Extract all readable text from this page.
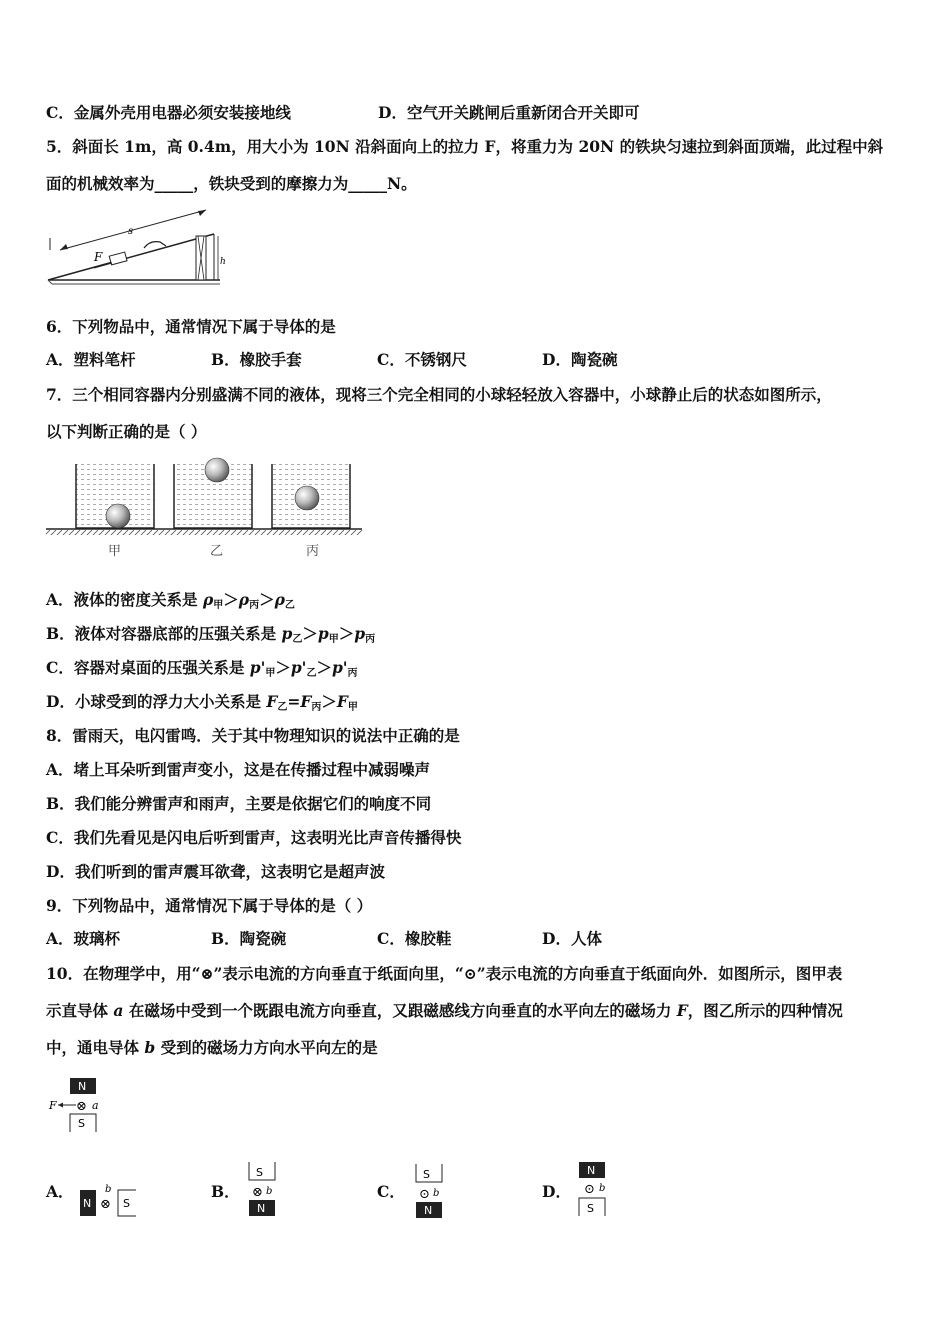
C．金属外壳用电器必须安装接地线	D．空气开关跳闸后重新闭合开关即可
5．斜面长 1m，高 0.4m，用大小为 10N 沿斜面向上的拉力 F，将重力为 20N 的铁块匀速拉到斜面顶端，此过程中斜
面的机械效率为_____，铁块受到的摩擦力为_____N。
s
F	h
6．下列物品中，通常情况下属于导体的是
A．塑料笔杆	B．橡胶手套	C．不锈钢尺	D．陶瓷碗
7．三个相同容器内分别盛满不同的液体，现将三个完全相同的小球轻轻放入容器中，小球静止后的状态如图所示，
以下判断正确的是（ ）
甲	乙	丙
A．液体的密度关系是 $\rho_甲>\rho_丙>\rho_乙$
B．液体对容器底部的压强关系是 $p_乙>p_甲>p_丙$
C．容器对桌面的压强关系是 $p'_甲>p'_乙>p'_丙$
D．小球受到的浮力大小关系是 $F_乙=F_丙>F_甲$
8．雷雨天，电闪雷鸣．关于其中物理知识的说法中正确的是
A．堵上耳朵听到雷声变小，这是在传播过程中减弱噪声
B．我们能分辨雷声和雨声，主要是依据它们的响度不同
C．我们先看见是闪电后听到雷声，这表明光比声音传播得快
D．我们听到的雷声震耳欲聋，这表明它是超声波
9．下列物品中，通常情况下属于导体的是（ ）
A．玻璃杯	B．陶瓷碗	C．橡胶鞋	D．人体
10．在物理学中，用“⊗”表示电流的方向垂直于纸面向里，“⊙”表示电流的方向垂直于纸面向外．如图所示，图甲表
示直导体 a 在磁场中受到一个既跟电流方向垂直，又跟磁感线方向垂直的水平向左的磁场力 F，图乙所示的四种情况
中，通电导体 b 受到的磁场力方向水平向左的是
N
F ⊗ a
S
A．	B．	C．	D．
N
b
⊗ S
S
⊗ b
N
S
⊙ b
N
N
⊙ b
S
